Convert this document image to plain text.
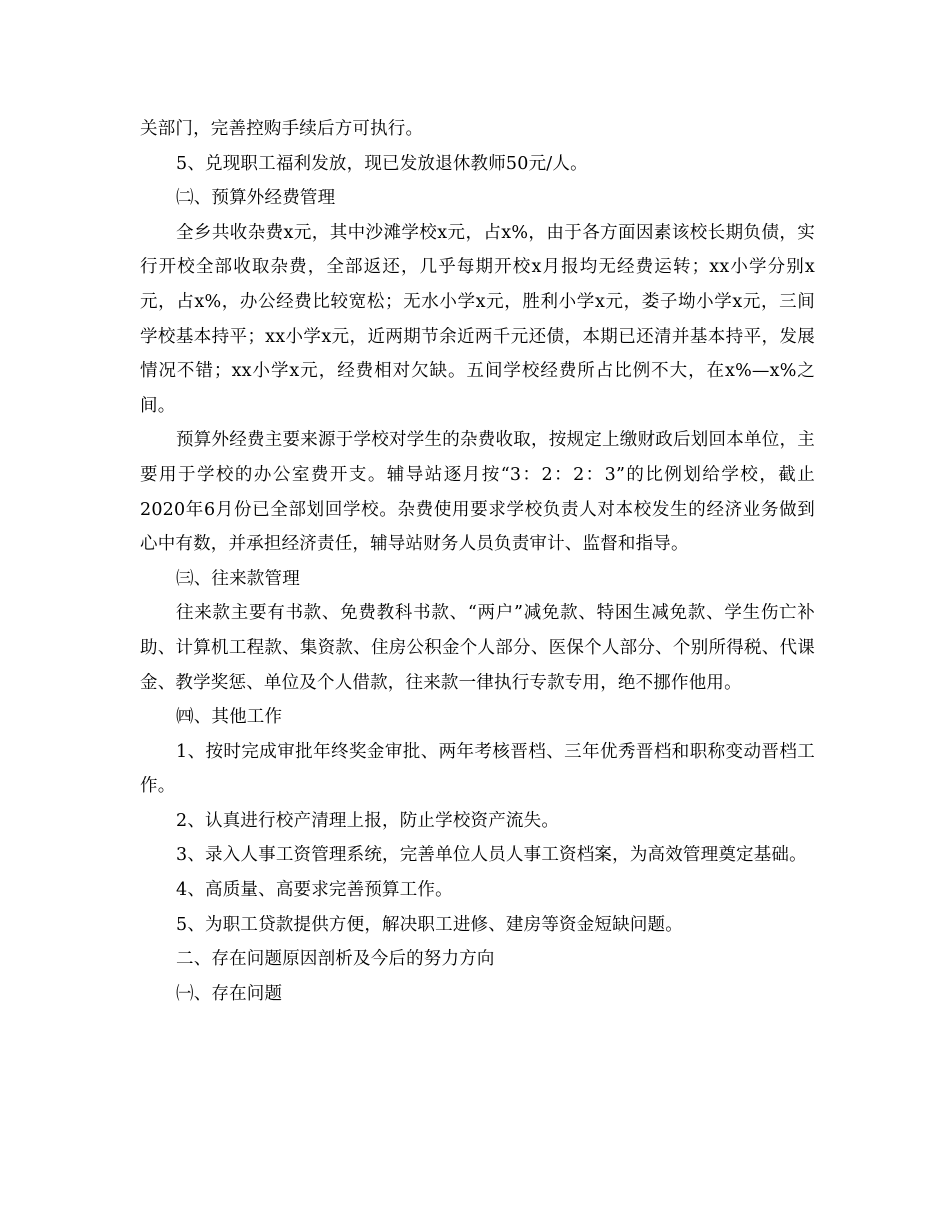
关部门，完善控购手续后方可执行。

5、兑现职工福利发放，现已发放退休教师50元/人。

㈡、预算外经费管理

全乡共收杂费x元，其中沙滩学校x元，占x%，由于各方面因素该校长期负债，实行开校全部收取杂费，全部返还，几乎每期开校x月报均无经费运转；xx小学分别x元，占x%，办公经费比较宽松；无水小学x元，胜利小学x元，娄子坳小学x元，三间学校基本持平；xx小学x元，近两期节余近两千元还债，本期已还清并基本持平，发展情况不错；xx小学x元，经费相对欠缺。五间学校经费所占比例不大，在x%—x%之间。

预算外经费主要来源于学校对学生的杂费收取，按规定上缴财政后划回本单位，主要用于学校的办公室费开支。辅导站逐月按“3：2：2：3”的比例划给学校，截止2020年6月份已全部划回学校。杂费使用要求学校负责人对本校发生的经济业务做到心中有数，并承担经济责任，辅导站财务人员负责审计、监督和指导。

㈢、往来款管理

往来款主要有书款、免费教科书款、“两户”减免款、特困生减免款、学生伤亡补助、计算机工程款、集资款、住房公积金个人部分、医保个人部分、个别所得税、代课金、教学奖惩、单位及个人借款，往来款一律执行专款专用，绝不挪作他用。

㈣、其他工作

1、按时完成审批年终奖金审批、两年考核晋档、三年优秀晋档和职称变动晋档工作。

2、认真进行校产清理上报，防止学校资产流失。

3、录入人事工资管理系统，完善单位人员人事工资档案，为高效管理奠定基础。

4、高质量、高要求完善预算工作。

5、为职工贷款提供方便，解决职工进修、建房等资金短缺问题。

二、存在问题原因剖析及今后的努力方向

㈠、存在问题
